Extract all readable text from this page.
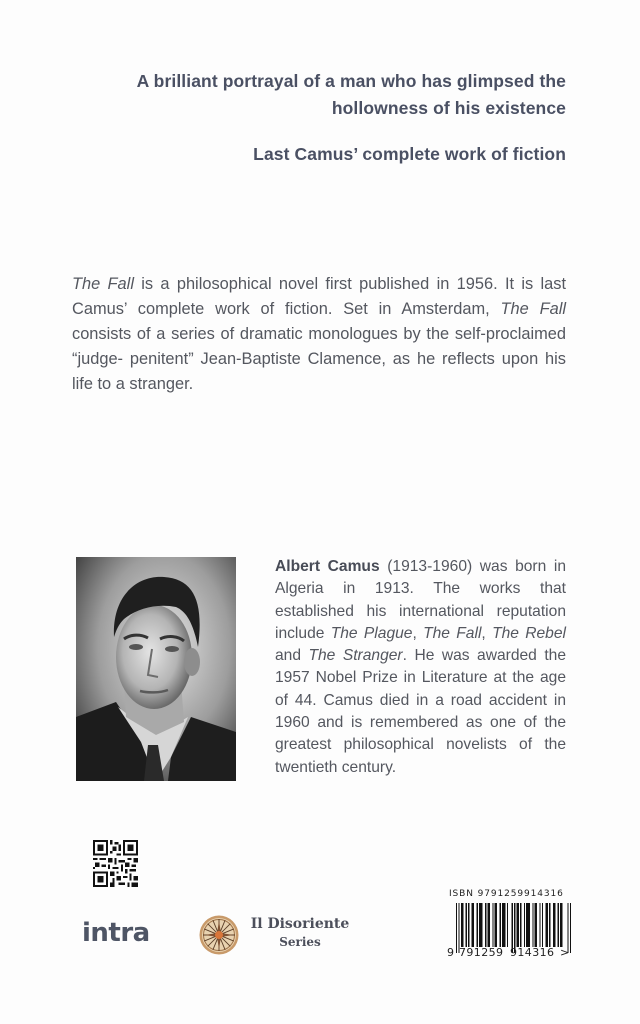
A brilliant portrayal of a man who has glimpsed the hollowness of his existence
Last Camus’ complete work of fiction

The Fall is a philosophical novel first published in 1956. It is last Camus’ complete work of fiction. Set in Amsterdam, The Fall consists of a series of dramatic monologues by the self-proclaimed “judge- penitent” Jean-Baptiste Clamence, as he reflects upon his life to a stranger.

Albert Camus (1913-1960) was born in Algeria in 1913. The works that established his international reputation include The Plague, The Fall, The Rebel and The Stranger. He was awarded the 1957 Nobel Prize in Literature at the age of 44. Camus died in a road accident in 1960 and is remembered as one of the greatest philosophical novelists of the twentieth century.

intra	Il Disoriente
Series
ISBN 9791259914316
9 791259 914316 >
